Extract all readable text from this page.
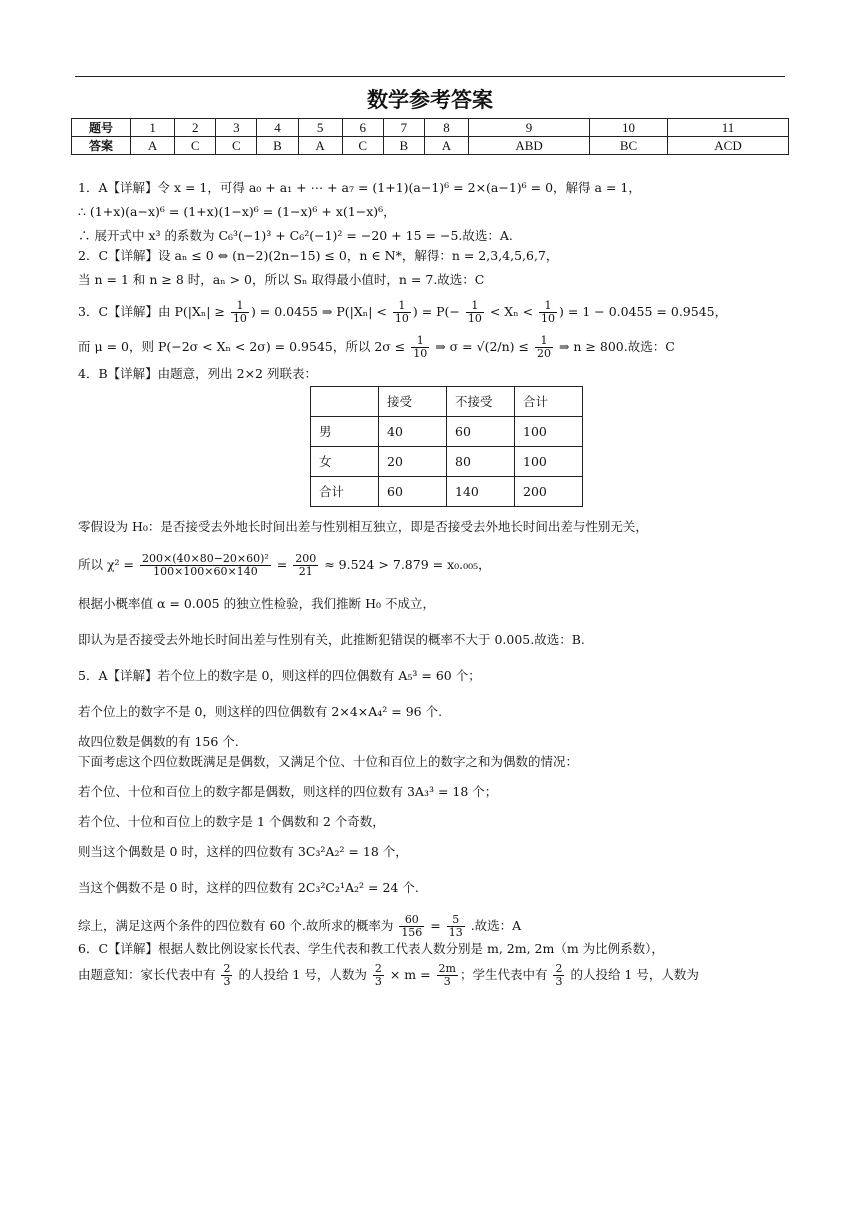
数学参考答案
题号	1	2	3	4	5	6	7	8	9	10	11
答案	A	C	C	B	A	C	B	A	ABD	BC	ACD

1．A【详解】令 x = 1，可得 a₀ + a₁ + ⋯ + a₇ = (1+1)(a−1)⁶ = 2×(a−1)⁶ = 0，解得 a = 1，

∴ (1+x)(a−x)⁶ = (1+x)(1−x)⁶ = (1−x)⁶ + x(1−x)⁶，

∴ 展开式中 x³ 的系数为 C₆³(−1)³ + C₆²(−1)² = −20 + 15 = −5.故选：A.

2．C【详解】设 aₙ ≤ 0 ⇔ (n−2)(2n−15) ≤ 0，n ∈ N*，解得：n = 2,3,4,5,6,7，

当 n = 1 和 n ≥ 8 时，aₙ > 0，所以 Sₙ 取得最小值时，n = 7.故选：C

3．C【详解】由 $P(|X_n| \ge \frac{1}{10}$ ) = 0.0455 ⇒ $P(|X_n| < \frac{1}{10}$ ) = $P(- \frac{1}{10} < X_n < \frac{1}{10}$ ) = 1 − 0.0455 = 0.9545，

而 μ = 0，则 P(−2σ < Xₙ < 2σ) = 0.9545，所以 $2\sigma \le \frac{1}{10}$ ⇒ $\sigma = √(2/n) \le \frac{1}{20}$ ⇒ n ≥ 800.故选：C

4．B【详解】由题意，列出 2×2 列联表：

	接受	不接受	合计
男	40	60	100
女	20	80	100
合计	60	140	200

零假设为 H₀：是否接受去外地长时间出差与性别相互独立，即是否接受去外地长时间出差与性别无关，

所以 $\chi^2 = \frac{\text{200×(40×80−20×60)²}}{100\times 100\times 60\times 140} = \frac{200}{21} \approx 9.524 > 7.879 = x_0._{005}$，

根据小概率值 α = 0.005 的独立性检验，我们推断 H₀ 不成立，

即认为是否接受去外地长时间出差与性别有关，此推断犯错误的概率不大于 0.005.故选：B.

5．A【详解】若个位上的数字是 0，则这样的四位偶数有 A₅³ = 60 个；

若个位上的数字不是 0，则这样的四位偶数有 2×4×A₄² = 96 个.

故四位数是偶数的有 156 个.

下面考虑这个四位数既满足是偶数，又满足个位、十位和百位上的数字之和为偶数的情况：

若个位、十位和百位上的数字都是偶数，则这样的四位数有 3A₃³ = 18 个；

若个位、十位和百位上的数字是 1 个偶数和 2 个奇数，

则当这个偶数是 0 时，这样的四位数有 3C₃²A₂² = 18 个，

当这个偶数不是 0 时，这样的四位数有 2C₃²C₂¹A₂² = 24 个.

综上，满足这两个条件的四位数有 60 个.故所求的概率为 $\frac{60}{156} = \frac{5}{13}$ .故选：A

6．C【详解】根据人数比例设家长代表、学生代表和教工代表人数分别是 m, 2m, 2m（m 为比例系数），

由题意知：家长代表中有 $\frac{2}{3}$ 的人投给 1 号，人数为 $\frac{2}{3} \times m = \frac{2m}{3}$ ；学生代表中有 $\frac{2}{3}$ 的人投给 1 号，人数为
